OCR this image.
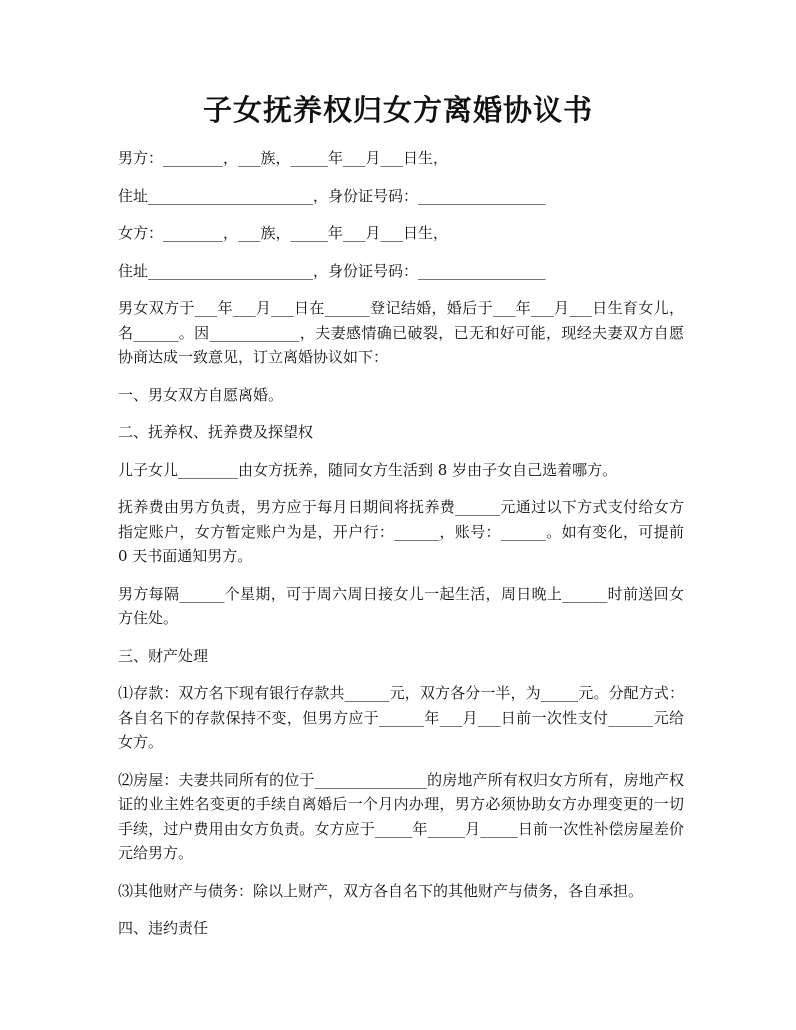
子女抚养权归女方离婚协议书

男方：________，___族，_____年___月___日生，

住址______________________，身份证号码：_________________

女方：________，___族，_____年___月___日生，

住址______________________，身份证号码：_________________

男女双方于___年___月___日在______登记结婚，婚后于___年___月___日生育女儿，名______。因____________，夫妻感情确已破裂，已无和好可能，现经夫妻双方自愿协商达成一致意见，订立离婚协议如下：

一、男女双方自愿离婚。

二、抚养权、抚养费及探望权

儿子女儿________由女方抚养，随同女方生活到 8 岁由子女自己选着哪方。

抚养费由男方负责，男方应于每月日期间将抚养费______元通过以下方式支付给女方指定账户，女方暂定账户为是，开户行：______，账号：______。如有变化，可提前 0 天书面通知男方。

男方每隔______个星期，可于周六周日接女儿一起生活，周日晚上______时前送回女方住处。

三、财产处理

⑴存款：双方名下现有银行存款共______元，双方各分一半，为_____元。分配方式：各自名下的存款保持不变，但男方应于______年___月___日前一次性支付______元给女方。

⑵房屋：夫妻共同所有的位于_______________的房地产所有权归女方所有，房地产权证的业主姓名变更的手续自离婚后一个月内办理，男方必须协助女方办理变更的一切手续，过户费用由女方负责。女方应于_____年_____月_____日前一次性补偿房屋差价元给男方。

⑶其他财产与债务：除以上财产，双方各自名下的其他财产与债务，各自承担。

四、违约责任
